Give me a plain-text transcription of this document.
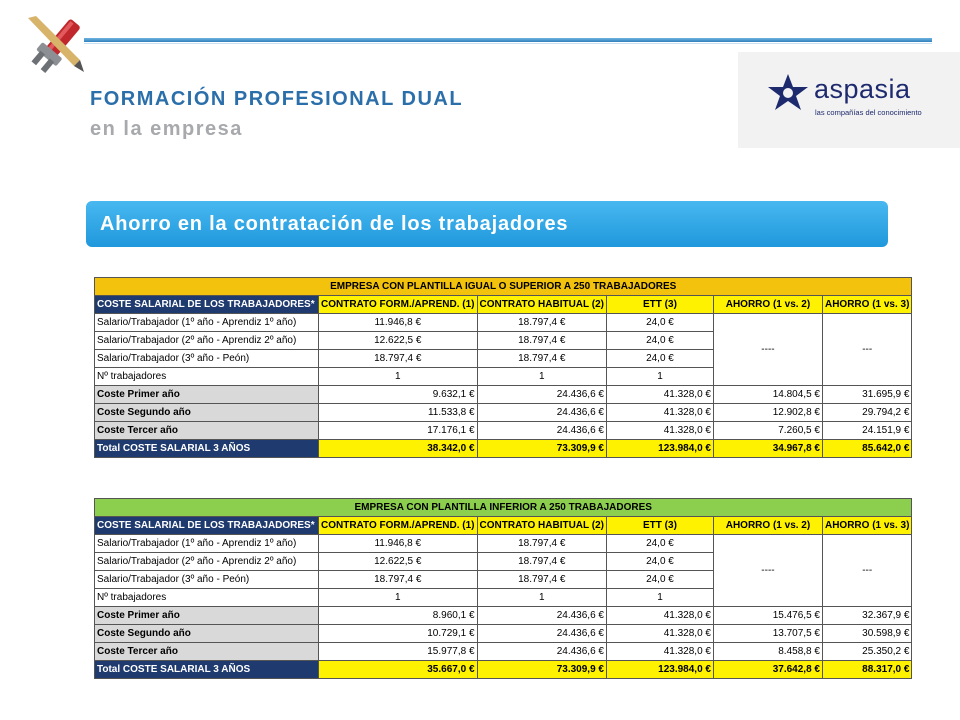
FORMACIÓN PROFESIONAL DUAL
en la empresa
aspasia
las compañías del conocimiento
Ahorro en la contratación de los trabajadores
EMPRESA CON PLANTILLA IGUAL O SUPERIOR A 250 TRABAJADORES					
COSTE SALARIAL DE LOS TRABAJADORES*	CONTRATO FORM./APREND. (1)	CONTRATO HABITUAL (2)	ETT (3)	AHORRO (1 vs. 2)	AHORRO (1 vs. 3)
Salario/Trabajador (1º año - Aprendiz 1º año)	11.946,8 €	18.797,4 €	24,0 €	----	---
Salario/Trabajador (2º año - Aprendiz 2º año)	12.622,5 €	18.797,4 €	24,0 €		
Salario/Trabajador (3º año - Peón)	18.797,4 €	18.797,4 €	24,0 €		
Nº trabajadores	1	1	1		
Coste Primer año	9.632,1 €	24.436,6 €	41.328,0 €	14.804,5 €	31.695,9 €
Coste Segundo año	11.533,8 €	24.436,6 €	41.328,0 €	12.902,8 €	29.794,2 €
Coste Tercer año	17.176,1 €	24.436,6 €	41.328,0 €	7.260,5 €	24.151,9 €
Total COSTE SALARIAL 3 AÑOS	38.342,0 €	73.309,9 €	123.984,0 €	34.967,8 €	85.642,0 €
EMPRESA CON PLANTILLA INFERIOR A 250 TRABAJADORES					
COSTE SALARIAL DE LOS TRABAJADORES*	CONTRATO FORM./APREND. (1)	CONTRATO HABITUAL (2)	ETT (3)	AHORRO (1 vs. 2)	AHORRO (1 vs. 3)
Salario/Trabajador (1º año - Aprendiz 1º año)	11.946,8 €	18.797,4 €	24,0 €	----	---
Salario/Trabajador (2º año - Aprendiz 2º año)	12.622,5 €	18.797,4 €	24,0 €		
Salario/Trabajador (3º año - Peón)	18.797,4 €	18.797,4 €	24,0 €		
Nº trabajadores	1	1	1		
Coste Primer año	8.960,1 €	24.436,6 €	41.328,0 €	15.476,5 €	32.367,9 €
Coste Segundo año	10.729,1 €	24.436,6 €	41.328,0 €	13.707,5 €	30.598,9 €
Coste Tercer año	15.977,8 €	24.436,6 €	41.328,0 €	8.458,8 €	25.350,2 €
Total COSTE SALARIAL 3 AÑOS	35.667,0 €	73.309,9 €	123.984,0 €	37.642,8 €	88.317,0 €
